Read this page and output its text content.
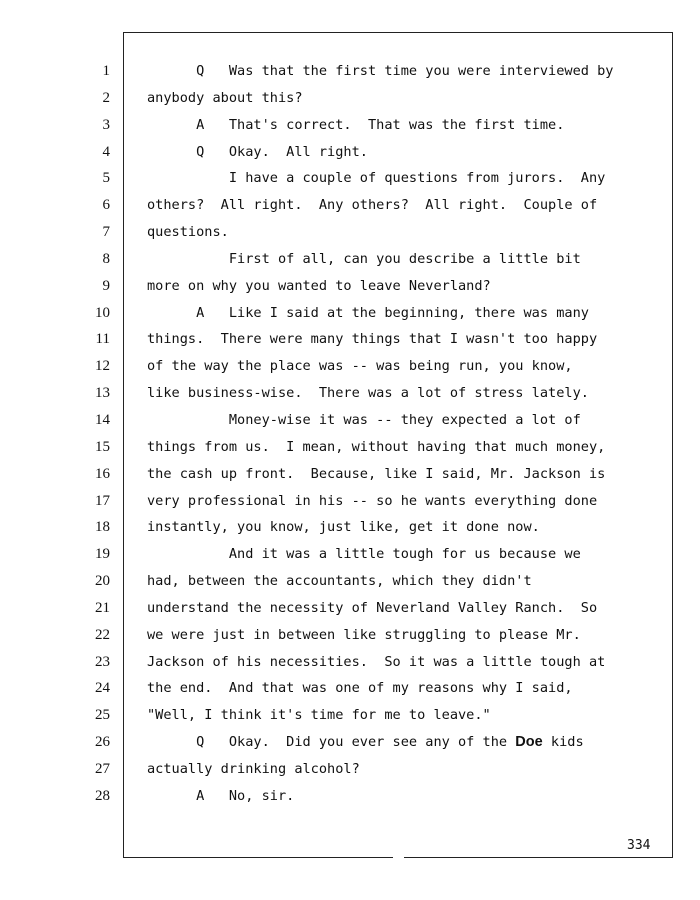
1
2
3
4
5
6
7
8
9
10
11
12
13
14
15
16
17
18
19
20
21
22
23
24
25
26
27
28
Q   Was that the first time you were interviewed by
anybody about this?
A   That's correct.  That was the first time.
Q   Okay.  All right.
I have a couple of questions from jurors.  Any
others?  All right.  Any others?  All right.  Couple of
questions.
First of all, can you describe a little bit
more on why you wanted to leave Neverland?
A   Like I said at the beginning, there was many
things.  There were many things that I wasn't too happy
of the way the place was -- was being run, you know,
like business-wise.  There was a lot of stress lately.
Money-wise it was -- they expected a lot of
things from us.  I mean, without having that much money,
the cash up front.  Because, like I said, Mr. Jackson is
very professional in his -- so he wants everything done
instantly, you know, just like, get it done now.
And it was a little tough for us because we
had, between the accountants, which they didn't
understand the necessity of Neverland Valley Ranch.  So
we were just in between like struggling to please Mr.
Jackson of his necessities.  So it was a little tough at
the end.  And that was one of my reasons why I said,
"Well, I think it's time for me to leave."
Q   Okay.  Did you ever see any of the Doe kids
actually drinking alcohol?
A   No, sir.
334
